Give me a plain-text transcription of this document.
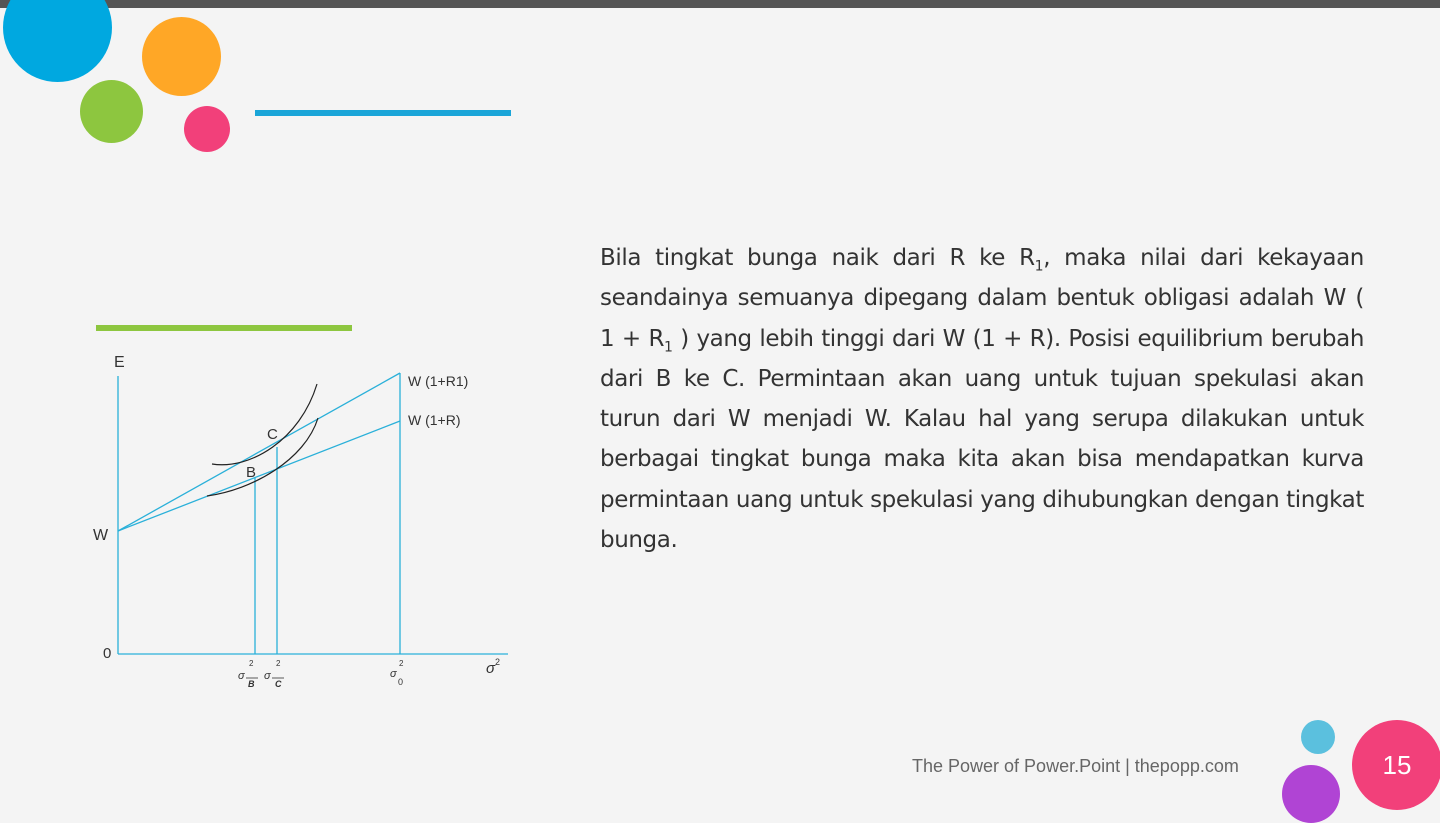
E
W
0
C
B
W (1+R1)
W (1+R)
σ 2
σ
2
B
σ
2
C
σ
2
0
Bila tingkat bunga naik dari R ke $R_1$, maka nilai dari kekayaan seandainya semuanya dipegang dalam bentuk obligasi adalah W ( $1 + R_1$ ) yang lebih tinggi dari W (1 + R). Posisi equilibrium berubah dari B ke C. Permintaan akan uang untuk tujuan spekulasi akan turun dari W menjadi W. Kalau hal yang serupa dilakukan untuk berbagai tingkat bunga maka kita akan bisa mendapatkan kurva permintaan uang untuk spekulasi yang dihubungkan dengan tingkat bunga.
The Power of Power.Point | thepopp.com	15
